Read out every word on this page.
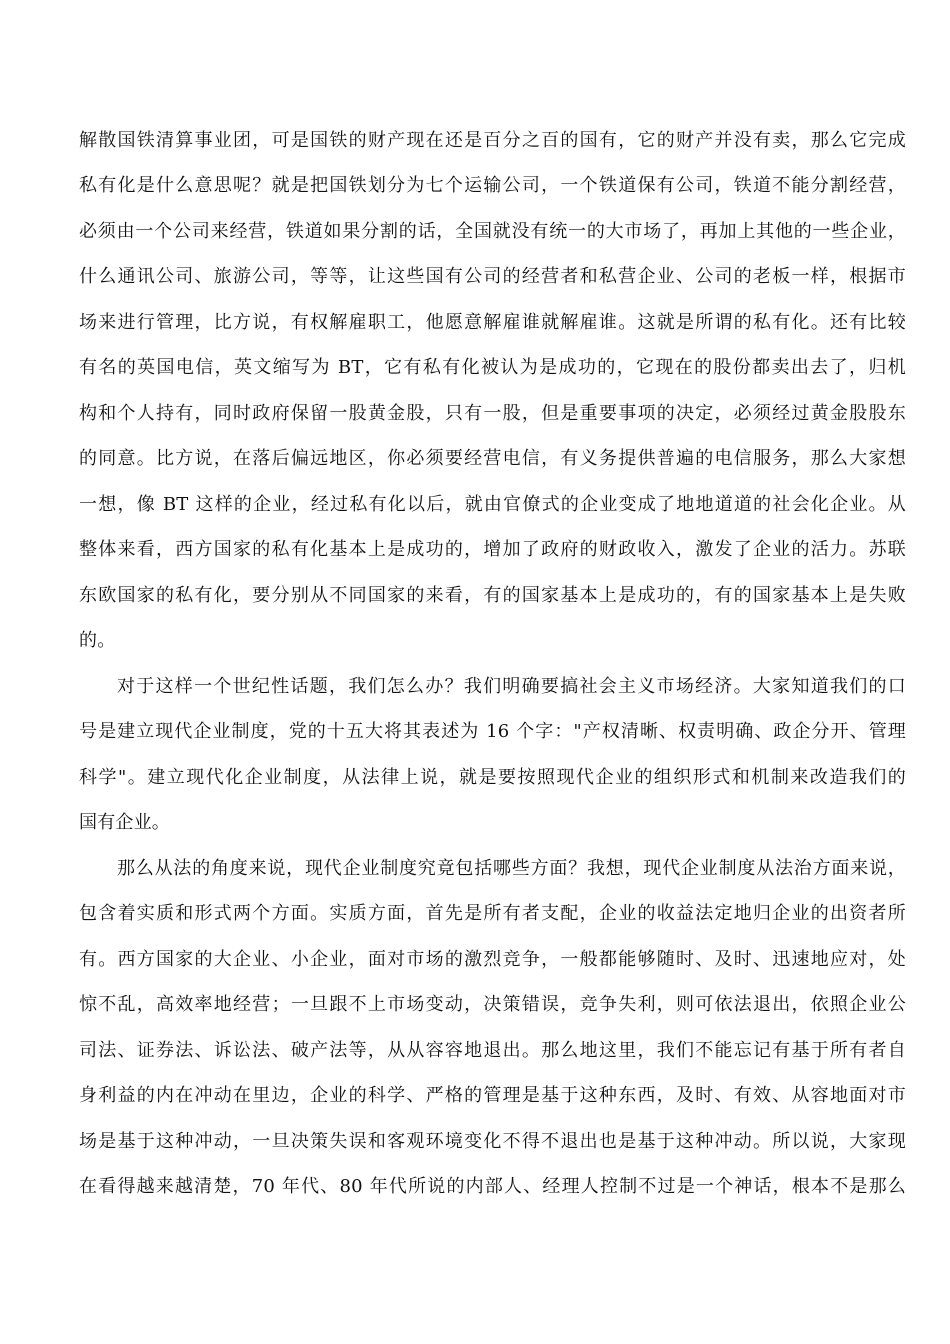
解散国铁清算事业团，可是国铁的财产现在还是百分之百的国有，它的财产并没有卖，那么它完成
私有化是什么意思呢？就是把国铁划分为七个运输公司，一个铁道保有公司，铁道不能分割经营，
必须由一个公司来经营，铁道如果分割的话，全国就没有统一的大市场了，再加上其他的一些企业，
什么通讯公司、旅游公司，等等，让这些国有公司的经营者和私营企业、公司的老板一样，根据市
场来进行管理，比方说，有权解雇职工，他愿意解雇谁就解雇谁。这就是所谓的私有化。还有比较
有名的英国电信，英文缩写为 BT，它有私有化被认为是成功的，它现在的股份都卖出去了，归机
构和个人持有，同时政府保留一股黄金股，只有一股，但是重要事项的决定，必须经过黄金股股东
的同意。比方说，在落后偏远地区，你必须要经营电信，有义务提供普遍的电信服务，那么大家想
一想，像 BT 这样的企业，经过私有化以后，就由官僚式的企业变成了地地道道的社会化企业。从
整体来看，西方国家的私有化基本上是成功的，增加了政府的财政收入，激发了企业的活力。苏联
东欧国家的私有化，要分别从不同国家的来看，有的国家基本上是成功的，有的国家基本上是失败
的。
对于这样一个世纪性话题，我们怎么办？我们明确要搞社会主义市场经济。大家知道我们的口
号是建立现代企业制度，党的十五大将其表述为 16 个字："产权清晰、权责明确、政企分开、管理
科学"。建立现代化企业制度，从法律上说，就是要按照现代企业的组织形式和机制来改造我们的
国有企业。
那么从法的角度来说，现代企业制度究竟包括哪些方面？我想，现代企业制度从法治方面来说，
包含着实质和形式两个方面。实质方面，首先是所有者支配，企业的收益法定地归企业的出资者所
有。西方国家的大企业、小企业，面对市场的激烈竞争，一般都能够随时、及时、迅速地应对，处
惊不乱，高效率地经营；一旦跟不上市场变动，决策错误，竞争失利，则可依法退出，依照企业公
司法、证券法、诉讼法、破产法等，从从容容地退出。那么地这里，我们不能忘记有基于所有者自
身利益的内在冲动在里边，企业的科学、严格的管理是基于这种东西，及时、有效、从容地面对市
场是基于这种冲动，一旦决策失误和客观环境变化不得不退出也是基于这种冲动。所以说，大家现
在看得越来越清楚，70 年代、80 年代所说的内部人、经理人控制不过是一个神话，根本不是那么
